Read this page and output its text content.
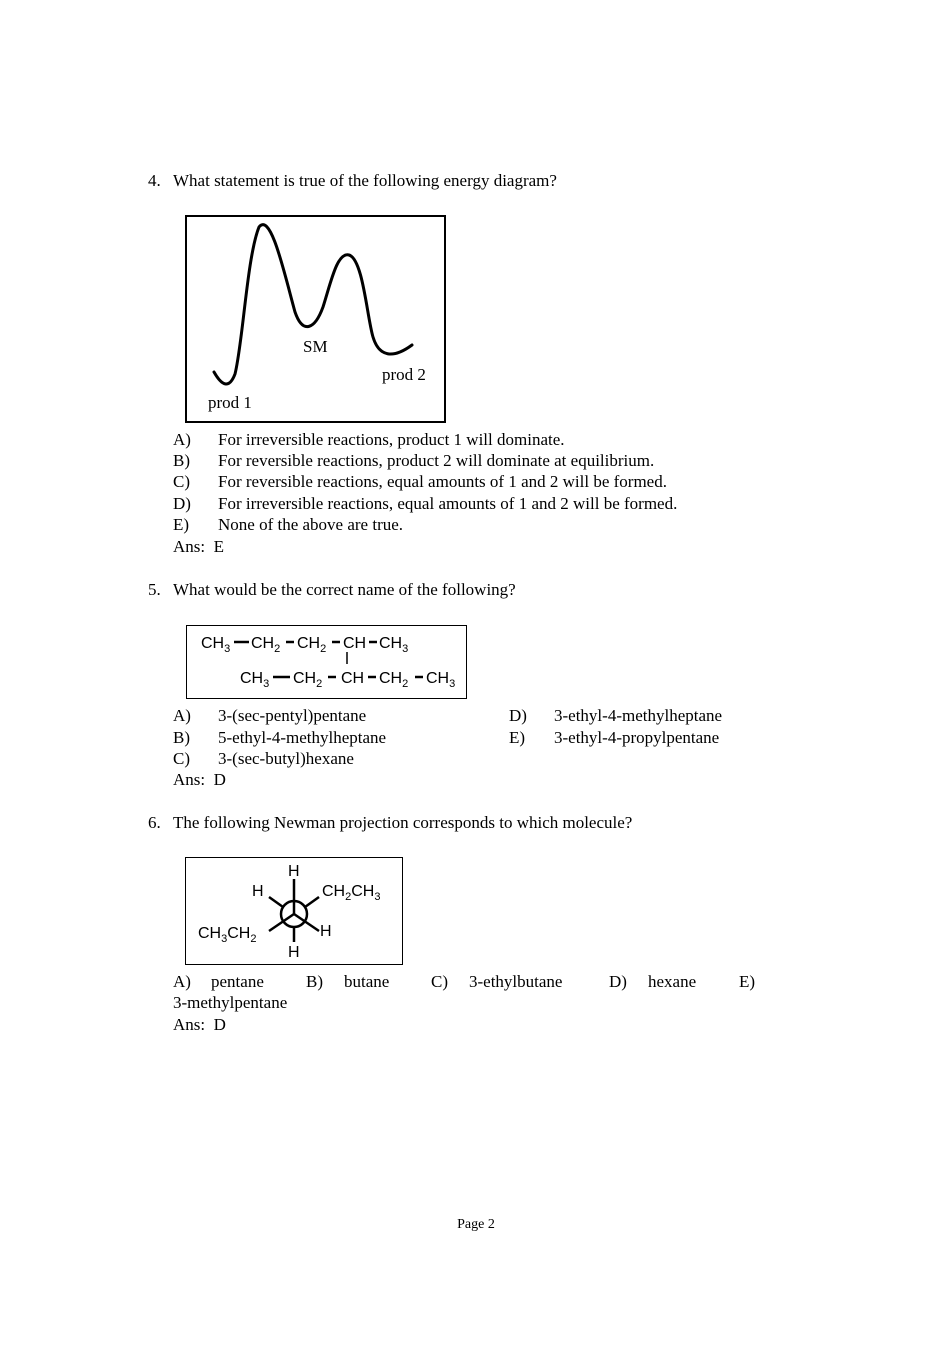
4. What statement is true of the following energy diagram?
SM
prod 2
prod 1
A) For irreversible reactions, product 1 will dominate.
B) For reversible reactions, product 2 will dominate at equilibrium.
C) For reversible reactions, equal amounts of 1 and 2 will be formed.
D) For irreversible reactions, equal amounts of 1 and 2 will be formed.
E) None of the above are true.
Ans:  E
5. What would be the correct name of the following?
$CH_3$ $CH_2$ $CH_2$ CH $CH_3$
$CH_3$ $CH_2$ CH $CH_2$ $CH_3$
A) 3-(sec-pentyl)pentane
B) 5-ethyl-4-methylheptane
C) 3-(sec-butyl)hexane
D) 3-ethyl-4-methylheptane
E) 3-ethyl-4-propylpentane
Ans:  D
6. The following Newman projection corresponds to which molecule?
H
H	$CH_2CH_3$
H
$CH_3CH_2$
H
A) pentane B) butane C) 3-ethylbutane	D) hexane	E)
3-methylpentane
Ans:  D
Page 2
